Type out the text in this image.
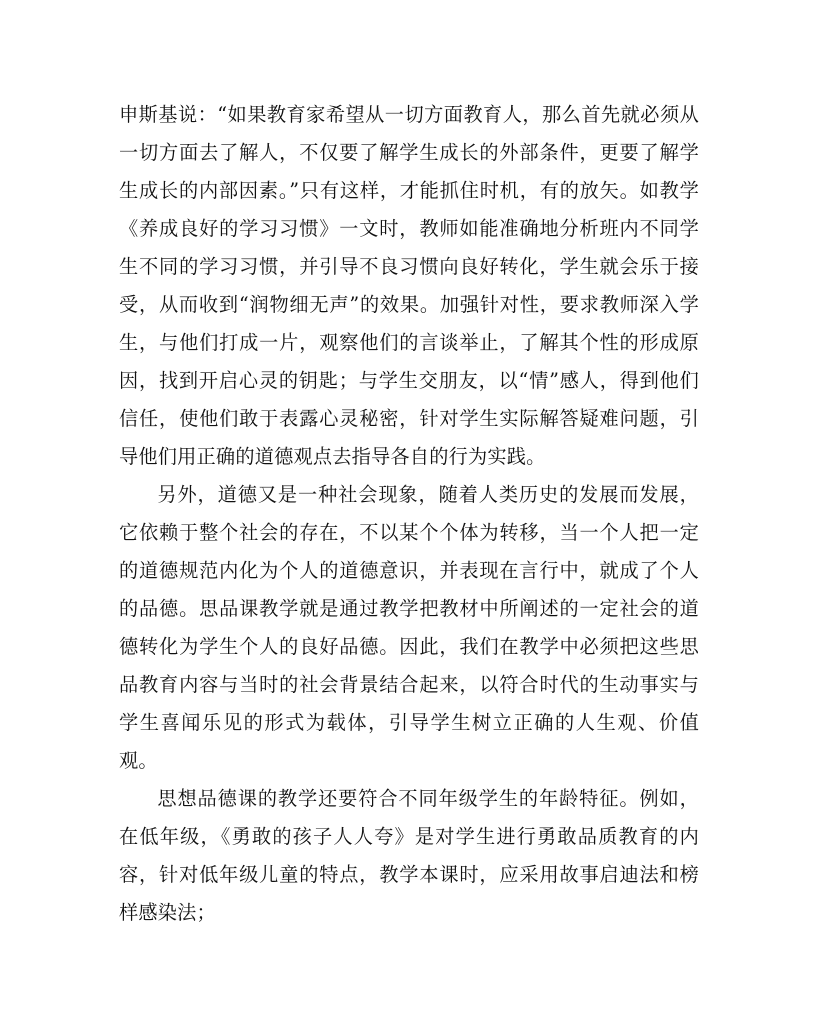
申斯基说：“如果教育家希望从一切方面教育人，那么首先就必须从一切方面去了解人，不仅要了解学生成长的外部条件，更要了解学生成长的内部因素。”只有这样，才能抓住时机，有的放矢。如教学《养成良好的学习习惯》一文时，教师如能准确地分析班内不同学生不同的学习习惯，并引导不良习惯向良好转化，学生就会乐于接受，从而收到“润物细无声”的效果。加强针对性，要求教师深入学生，与他们打成一片，观察他们的言谈举止，了解其个性的形成原因，找到开启心灵的钥匙；与学生交朋友，以“情”感人，得到他们信任，使他们敢于表露心灵秘密，针对学生实际解答疑难问题，引导他们用正确的道德观点去指导各自的行为实践。

另外，道德又是一种社会现象，随着人类历史的发展而发展，它依赖于整个社会的存在，不以某个个体为转移，当一个人把一定的道德规范内化为个人的道德意识，并表现在言行中，就成了个人的品德。思品课教学就是通过教学把教材中所阐述的一定社会的道德转化为学生个人的良好品德。因此，我们在教学中必须把这些思品教育内容与当时的社会背景结合起来，以符合时代的生动事实与学生喜闻乐见的形式为载体，引导学生树立正确的人生观、价值观。

思想品德课的教学还要符合不同年级学生的年龄特征。例如，在低年级，《勇敢的孩子人人夸》是对学生进行勇敢品质教育的内容，针对低年级儿童的特点，教学本课时，应采用故事启迪法和榜样感染法；
